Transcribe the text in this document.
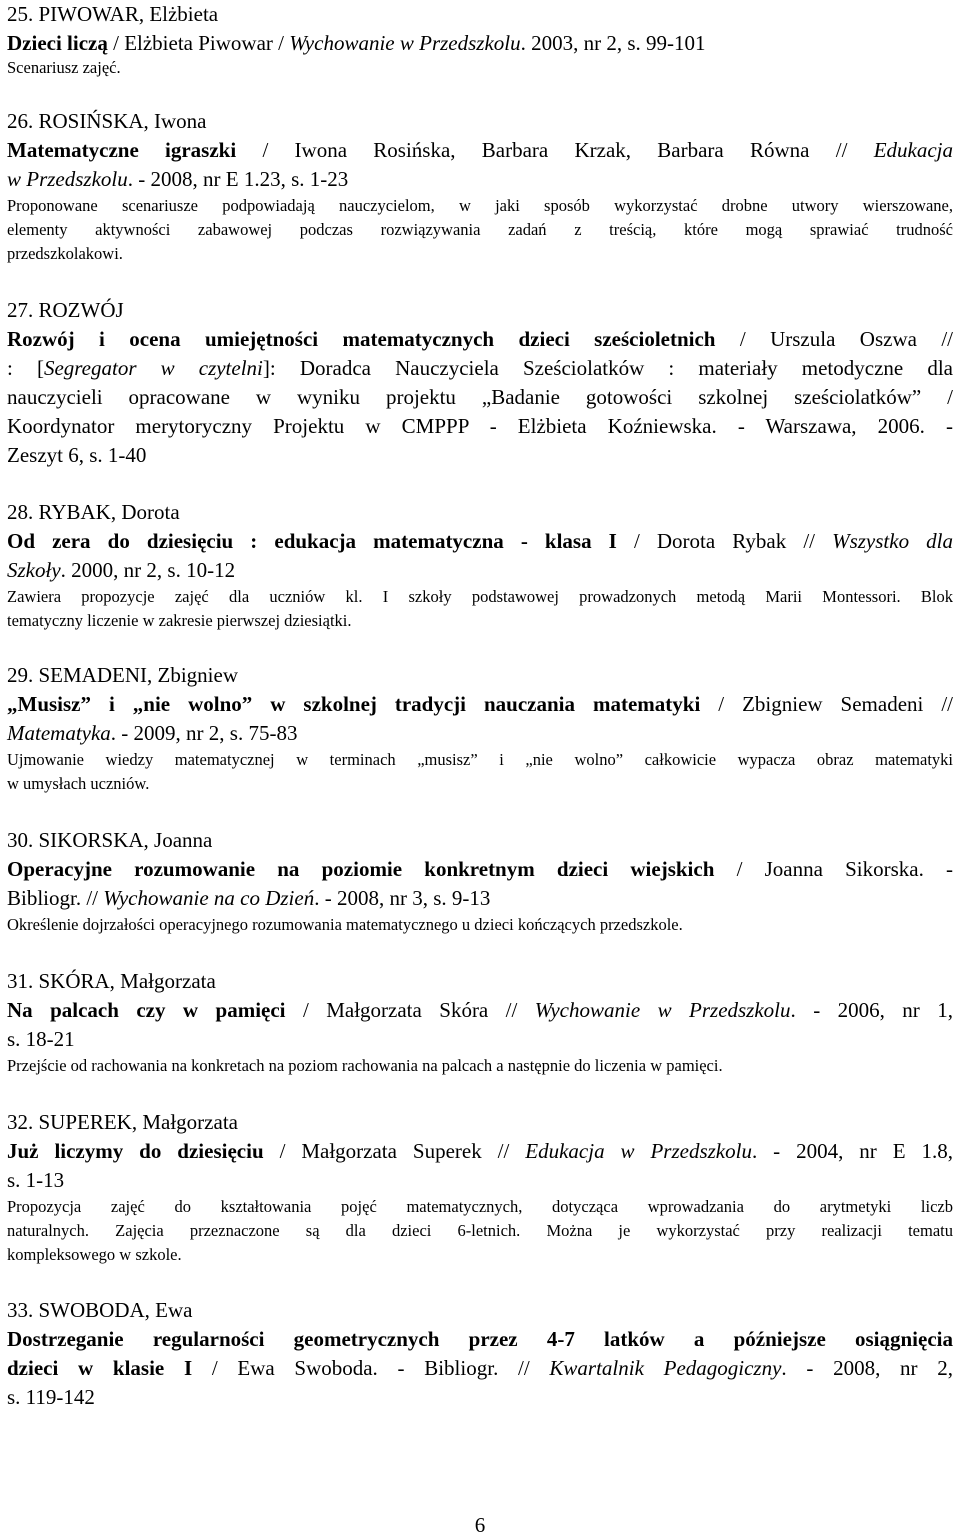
25. PIWOWAR, Elżbieta
Dzieci liczą / Elżbieta Piwowar / Wychowanie w Przedszkolu. 2003, nr 2, s. 99-101
Scenariusz zajęć.
26. ROSIŃSKA, Iwona
Matematyczne igraszki / Iwona Rosińska, Barbara Krzak, Barbara Równa // Edukacja
w Przedszkolu. - 2008, nr E 1.23, s. 1-23
Proponowane scenariusze podpowiadają nauczycielom, w jaki sposób wykorzystać drobne utwory wierszowane,
elementy aktywności zabawowej podczas rozwiązywania zadań z treścią, które mogą sprawiać trudność
przedszkolakowi.
27. ROZWÓJ
Rozwój i ocena umiejętności matematycznych dzieci sześcioletnich / Urszula Oszwa //
: [Segregator w czytelni]: Doradca Nauczyciela Sześciolatków : materiały metodyczne dla
nauczycieli opracowane w wyniku projektu „Badanie gotowości szkolnej sześciolatków” /
Koordynator merytoryczny Projektu w CMPPP - Elżbieta Koźniewska. - Warszawa, 2006. -
Zeszyt 6, s. 1-40
28. RYBAK, Dorota
Od zera do dziesięciu : edukacja matematyczna - klasa I / Dorota Rybak // Wszystko dla
Szkoły. 2000, nr 2, s. 10-12
Zawiera propozycje zajęć dla uczniów kl. I szkoły podstawowej prowadzonych metodą Marii Montessori. Blok
tematyczny liczenie w zakresie pierwszej dziesiątki.
29. SEMADENI, Zbigniew
„Musisz” i „nie wolno” w szkolnej tradycji nauczania matematyki / Zbigniew Semadeni //
Matematyka. - 2009, nr 2, s. 75-83
Ujmowanie wiedzy matematycznej w terminach „musisz” i „nie wolno” całkowicie wypacza obraz matematyki
w umysłach uczniów.
30. SIKORSKA, Joanna
Operacyjne rozumowanie na poziomie konkretnym dzieci wiejskich / Joanna Sikorska. -
Bibliogr. // Wychowanie na co Dzień. - 2008, nr 3, s. 9-13
Określenie dojrzałości operacyjnego rozumowania matematycznego u dzieci kończących przedszkole.
31. SKÓRA, Małgorzata
Na palcach czy w pamięci / Małgorzata Skóra // Wychowanie w Przedszkolu. - 2006, nr 1,
s. 18-21
Przejście od rachowania na konkretach na poziom rachowania na palcach a następnie do liczenia w pamięci.
32. SUPEREK, Małgorzata
Już liczymy do dziesięciu / Małgorzata Superek // Edukacja w Przedszkolu. - 2004, nr E 1.8,
s. 1-13
Propozycja zajęć do kształtowania pojęć matematycznych, dotycząca wprowadzania do arytmetyki liczb
naturalnych. Zajęcia przeznaczone są dla dzieci 6-letnich. Można je wykorzystać przy realizacji tematu
kompleksowego w szkole.
33. SWOBODA, Ewa
Dostrzeganie regularności geometrycznych przez 4-7 latków a późniejsze osiągnięcia
dzieci w klasie I / Ewa Swoboda. - Bibliogr. // Kwartalnik Pedagogiczny. - 2008, nr 2,
s. 119-142
6
